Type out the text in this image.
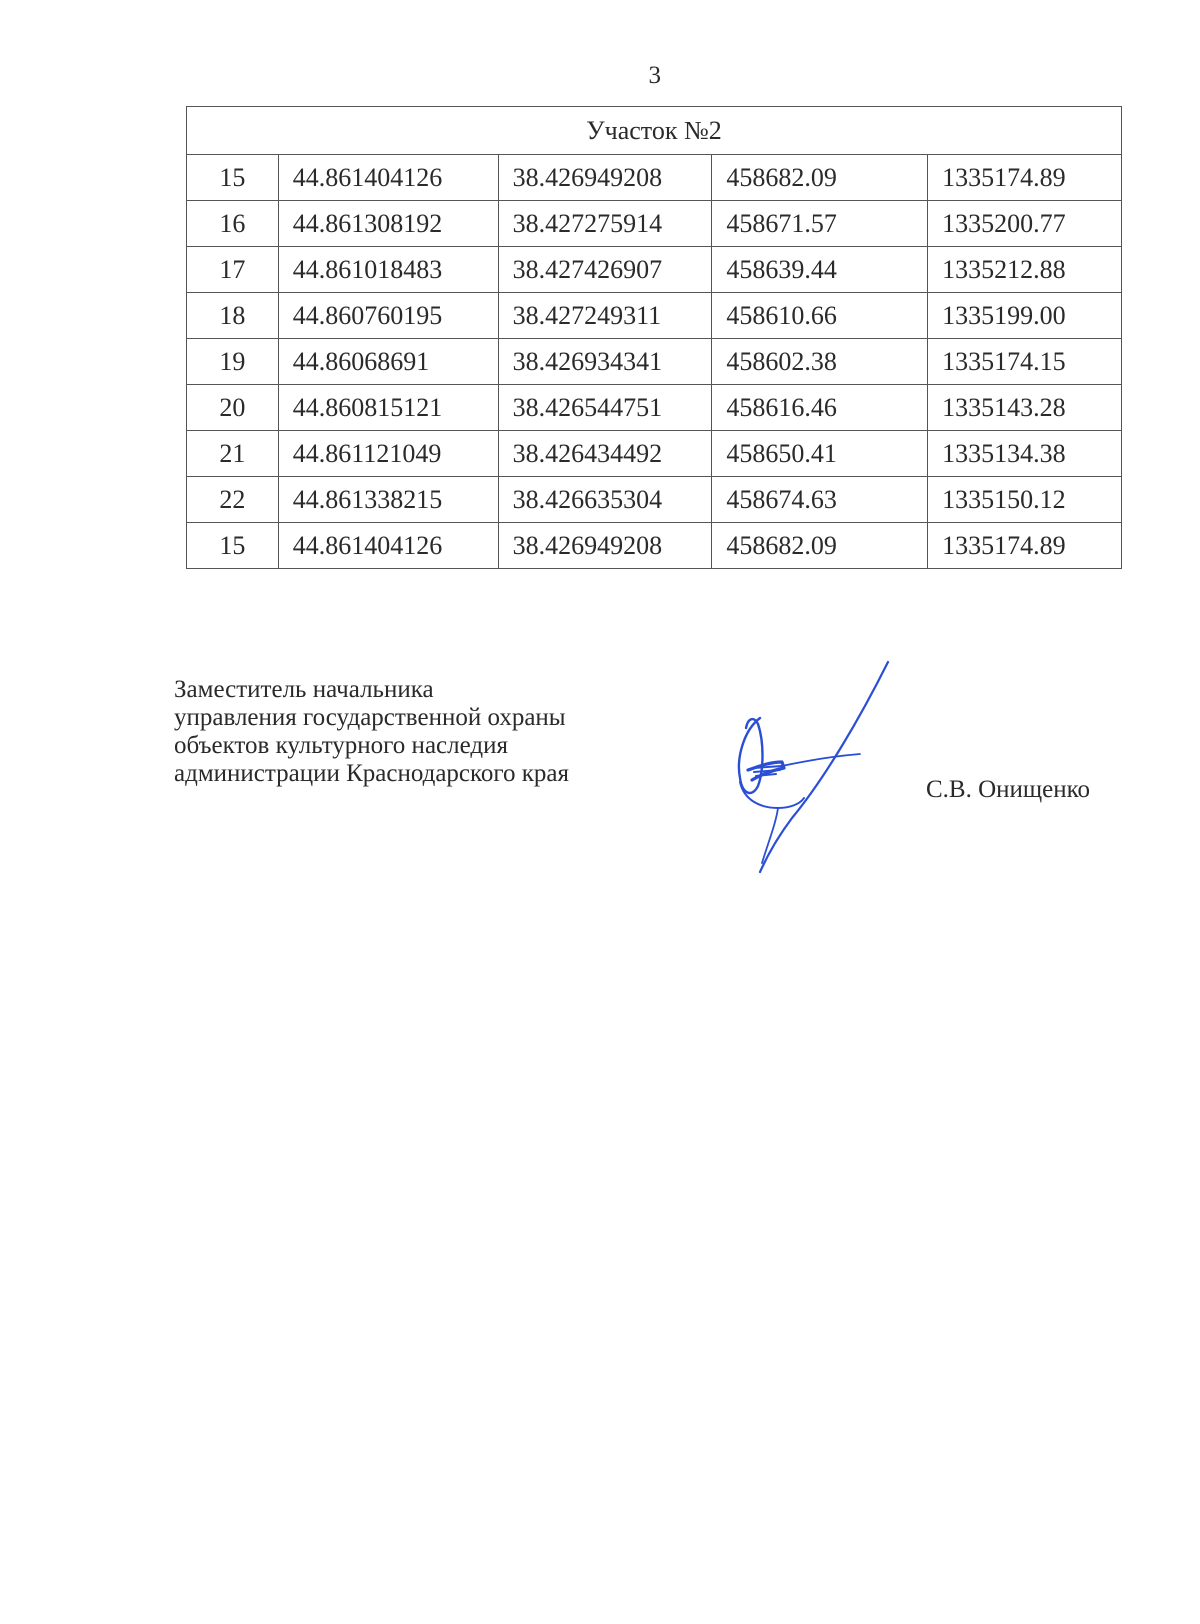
3
Участок №2				
15	44.861404126	38.426949208	458682.09	1335174.89
16	44.861308192	38.427275914	458671.57	1335200.77
17	44.861018483	38.427426907	458639.44	1335212.88
18	44.860760195	38.427249311	458610.66	1335199.00
19	44.86068691	38.426934341	458602.38	1335174.15
20	44.860815121	38.426544751	458616.46	1335143.28
21	44.861121049	38.426434492	458650.41	1335134.38
22	44.861338215	38.426635304	458674.63	1335150.12
15	44.861404126	38.426949208	458682.09	1335174.89
Заместитель начальника
управления государственной охраны
объектов культурного наследия
администрации Краснодарского края
С.В. Онищенко
